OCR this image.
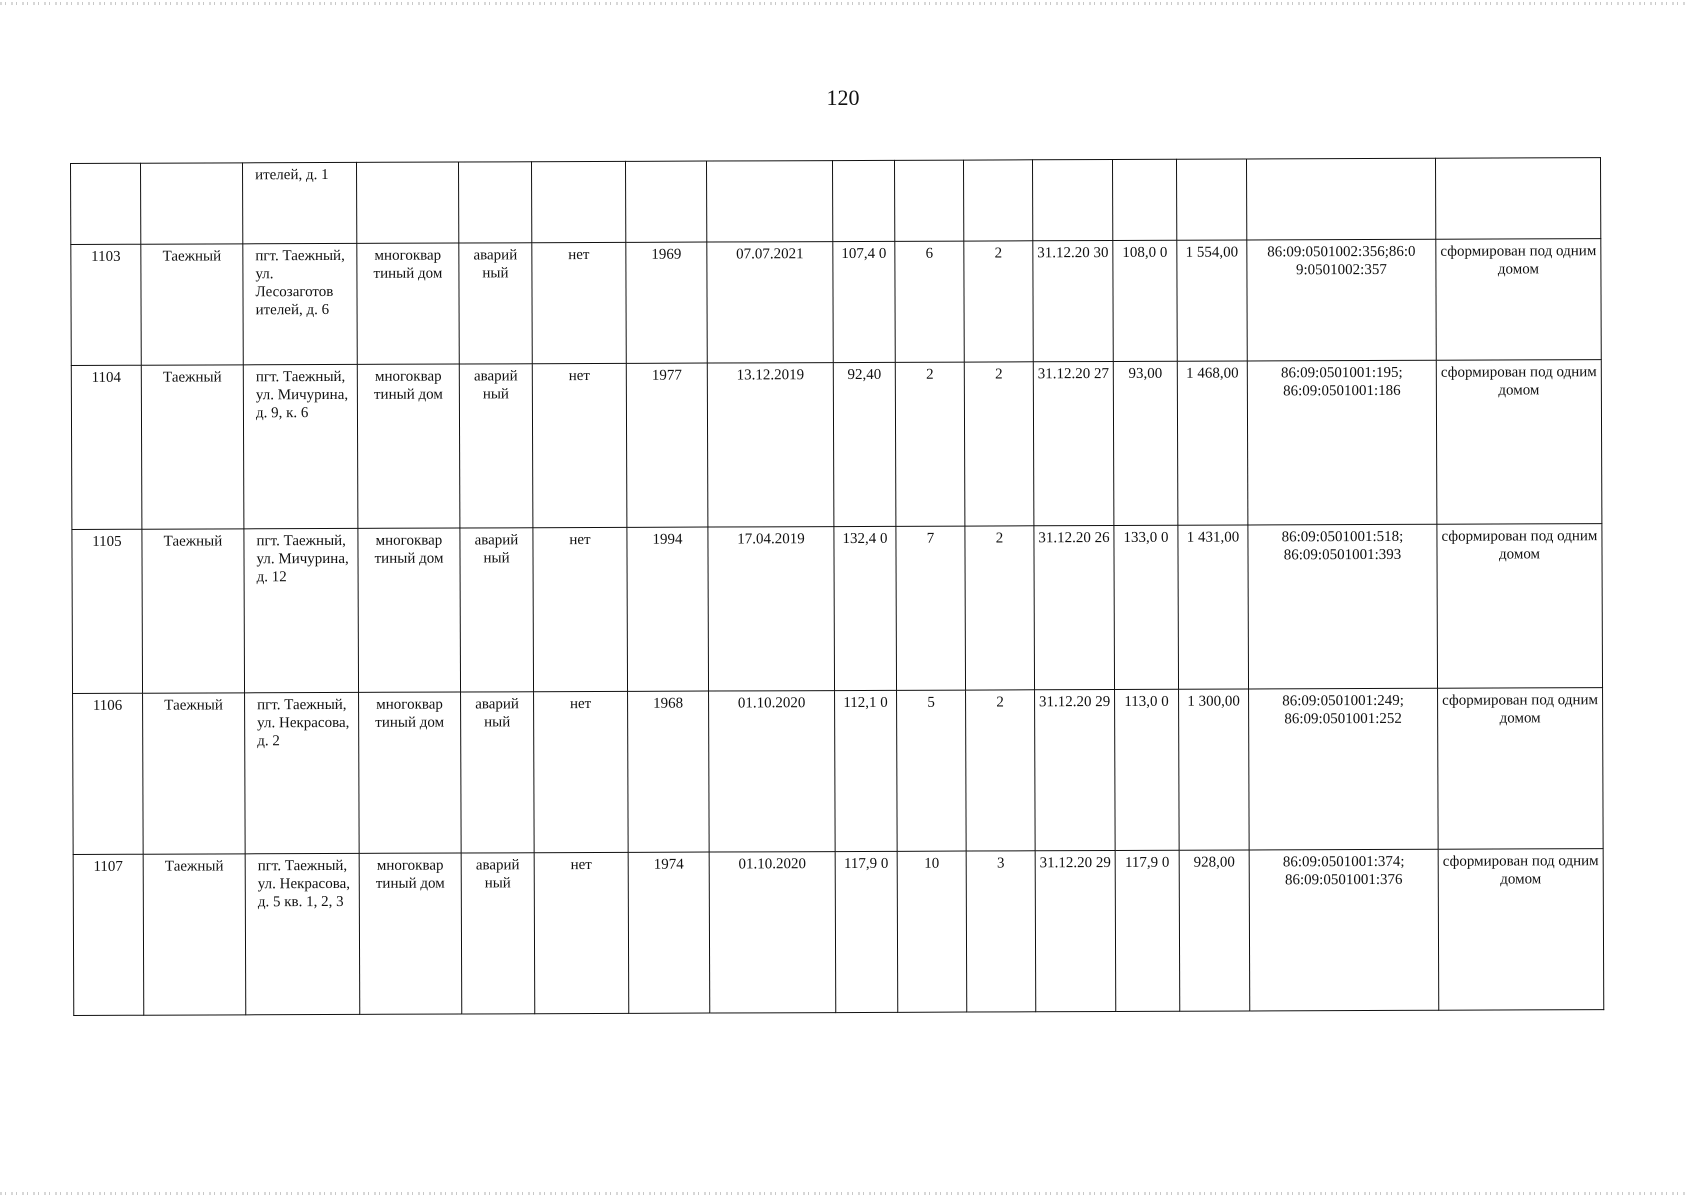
120
		ителей, д. 1													
1103	Таежный	пгт. Таежный, ул. Лесозаготов ителей, д. 6	многоквар тиный дом	аварий ный	нет	1969	07.07.2021	107,4 0	6	2	31.12.20 30	108,0 0	1 554,00	86:09:0501002:356;86:0 9:0501002:357	сформирован под одним домом
1104	Таежный	пгт. Таежный, ул. Мичурина, д. 9, к. 6	многоквар тиный дом	аварий ный	нет	1977	13.12.2019	92,40	2	2	31.12.20 27	93,00	1 468,00	86:09:0501001:195; 86:09:0501001:186	сформирован под одним домом
1105	Таежный	пгт. Таежный, ул. Мичурина, д. 12	многоквар тиный дом	аварий ный	нет	1994	17.04.2019	132,4 0	7	2	31.12.20 26	133,0 0	1 431,00	86:09:0501001:518; 86:09:0501001:393	сформирован под одним домом
1106	Таежный	пгт. Таежный, ул. Некрасова, д. 2	многоквар тиный дом	аварий ный	нет	1968	01.10.2020	112,1 0	5	2	31.12.20 29	113,0 0	1 300,00	86:09:0501001:249; 86:09:0501001:252	сформирован под одним домом
1107	Таежный	пгт. Таежный, ул. Некрасова, д. 5 кв. 1, 2, 3	многоквар тиный дом	аварий ный	нет	1974	01.10.2020	117,9 0	10	3	31.12.20 29	117,9 0	928,00	86:09:0501001:374; 86:09:0501001:376	сформирован под одним домом
